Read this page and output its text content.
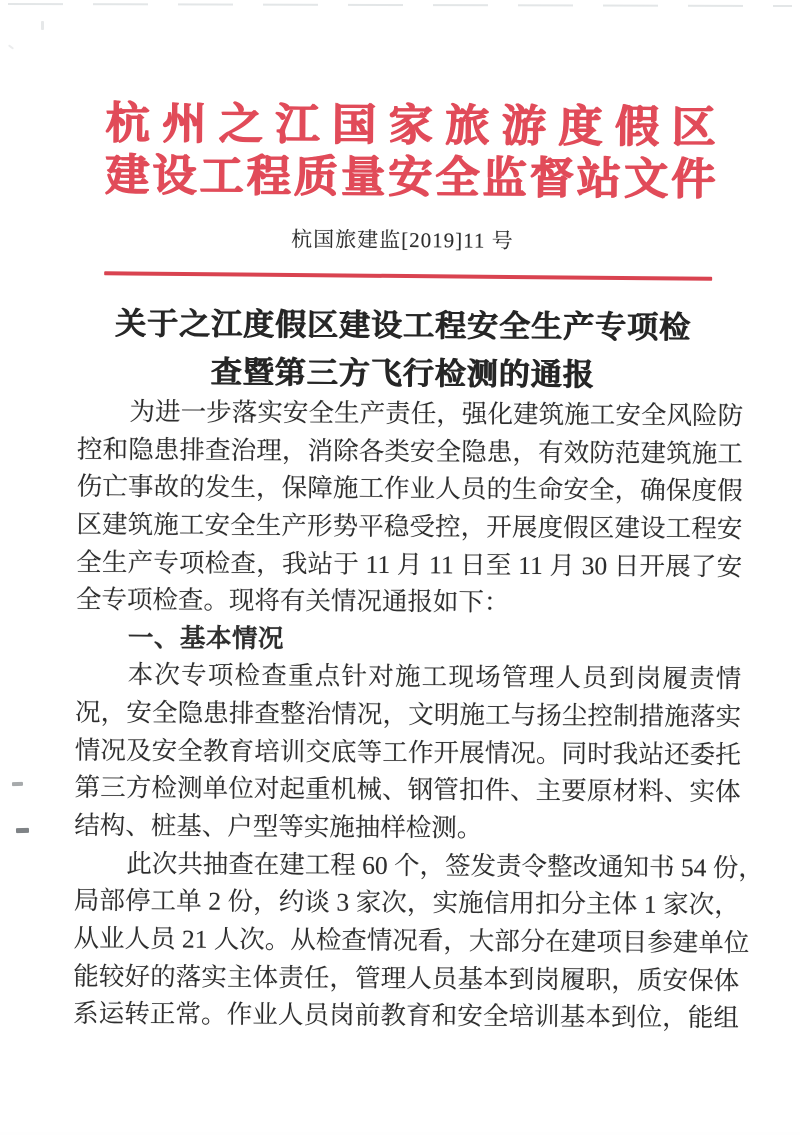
杭州之江国家旅游度假区
建设工程质量安全监督站文件
杭国旅建监[2019]11 号
关于之江度假区建设工程安全生产专项检
查暨第三方飞行检测的通报
为进一步落实安全生产责任，强化建筑施工安全风险防
控和隐患排查治理，消除各类安全隐患，有效防范建筑施工
伤亡事故的发生，保障施工作业人员的生命安全，确保度假
区建筑施工安全生产形势平稳受控，开展度假区建设工程安
全生产专项检查，我站于 11 月 11 日至 11 月 30 日开展了安
全专项检查。现将有关情况通报如下：
一、基本情况
本次专项检查重点针对施工现场管理人员到岗履责情
况，安全隐患排查整治情况，文明施工与扬尘控制措施落实
情况及安全教育培训交底等工作开展情况。同时我站还委托
第三方检测单位对起重机械、钢管扣件、主要原材料、实体
结构、桩基、户型等实施抽样检测。
此次共抽查在建工程 60 个，签发责令整改通知书 54 份，
局部停工单 2 份，约谈 3 家次，实施信用扣分主体 1 家次，
从业人员 21 人次。从检查情况看，大部分在建项目参建单位
能较好的落实主体责任，管理人员基本到岗履职，质安保体
系运转正常。作业人员岗前教育和安全培训基本到位，能组
